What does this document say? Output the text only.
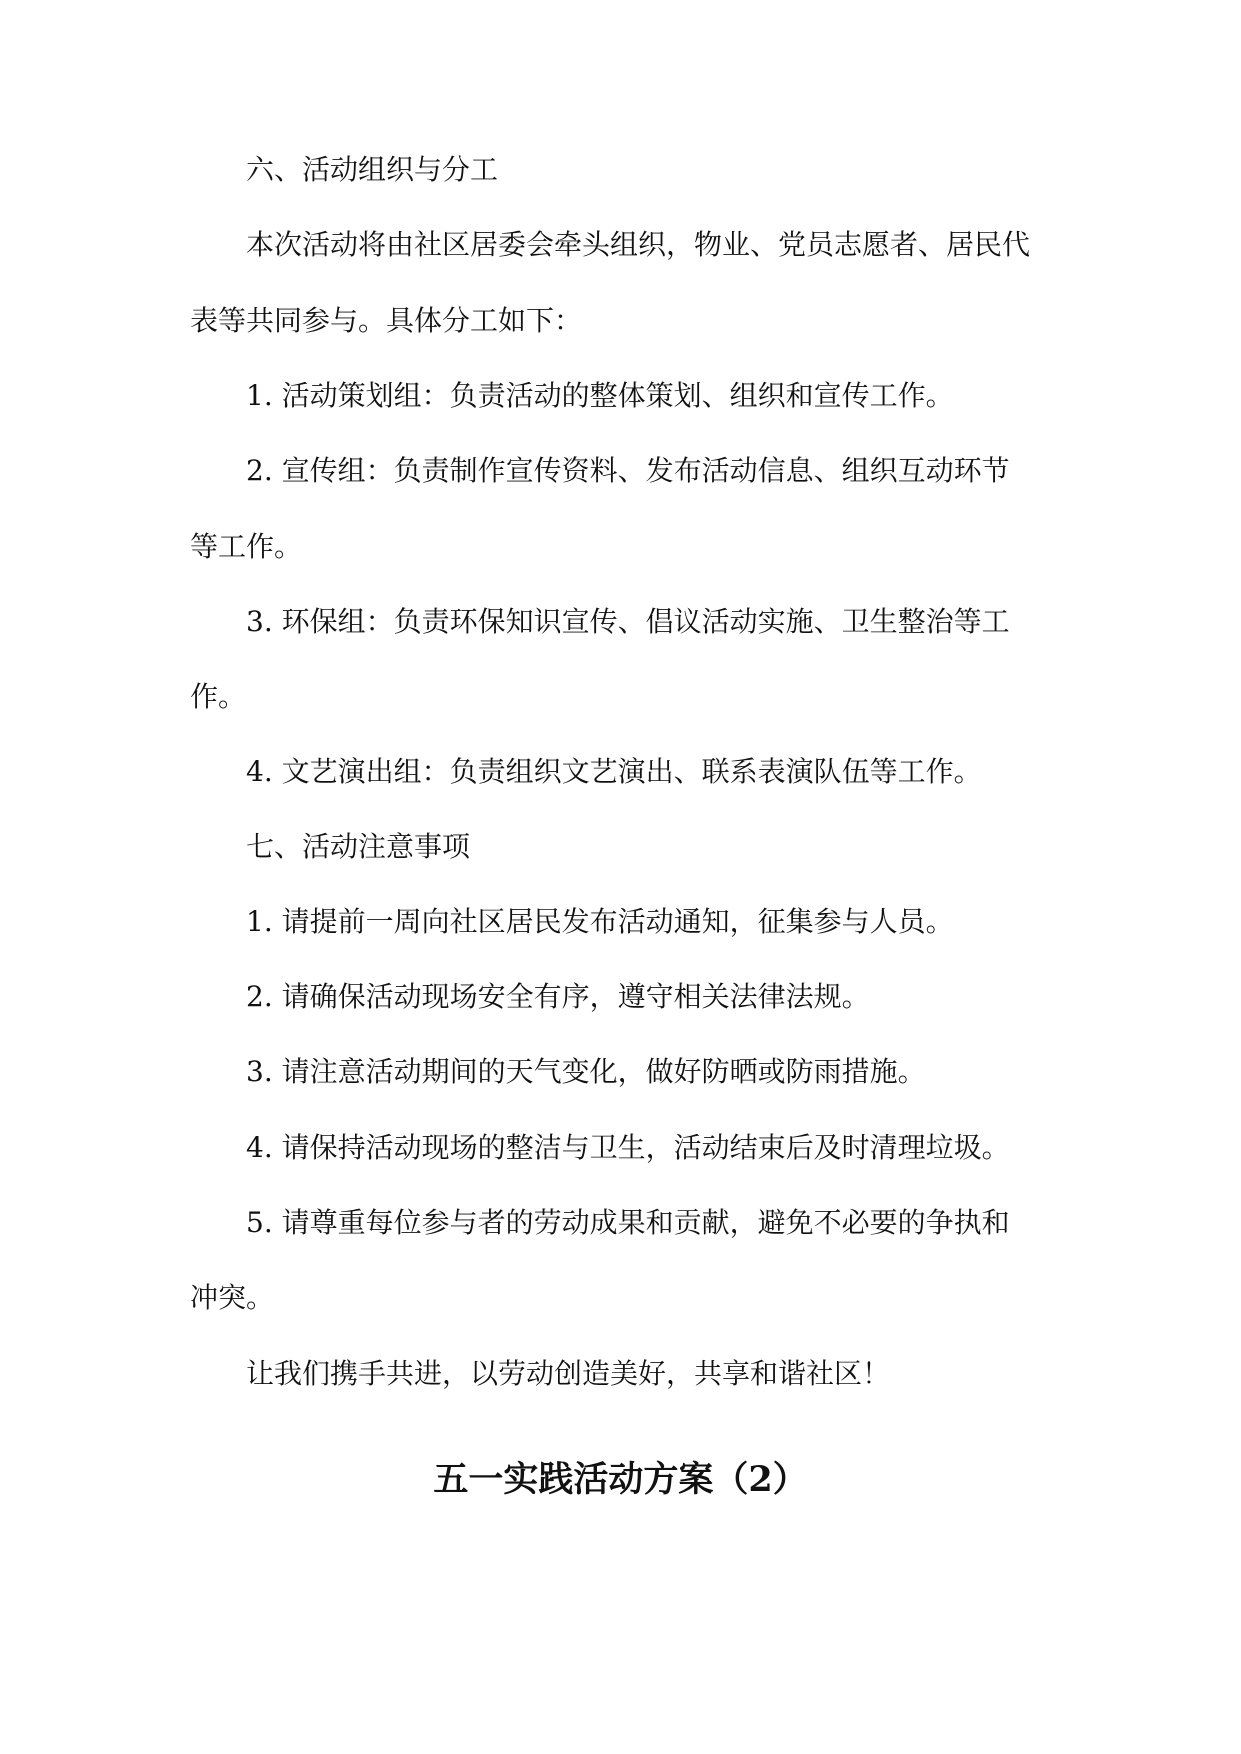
六、活动组织与分工
本次活动将由社区居委会牵头组织，物业、党员志愿者、居民代
表等共同参与。具体分工如下：
1. 活动策划组：负责活动的整体策划、组织和宣传工作。
2. 宣传组：负责制作宣传资料、发布活动信息、组织互动环节
等工作。
3. 环保组：负责环保知识宣传、倡议活动实施、卫生整治等工
作。
4. 文艺演出组：负责组织文艺演出、联系表演队伍等工作。
七、活动注意事项
1. 请提前一周向社区居民发布活动通知，征集参与人员。
2. 请确保活动现场安全有序，遵守相关法律法规。
3. 请注意活动期间的天气变化，做好防晒或防雨措施。
4. 请保持活动现场的整洁与卫生，活动结束后及时清理垃圾。
5. 请尊重每位参与者的劳动成果和贡献，避免不必要的争执和
冲突。
让我们携手共进，以劳动创造美好，共享和谐社区！
五一实践活动方案（2）
